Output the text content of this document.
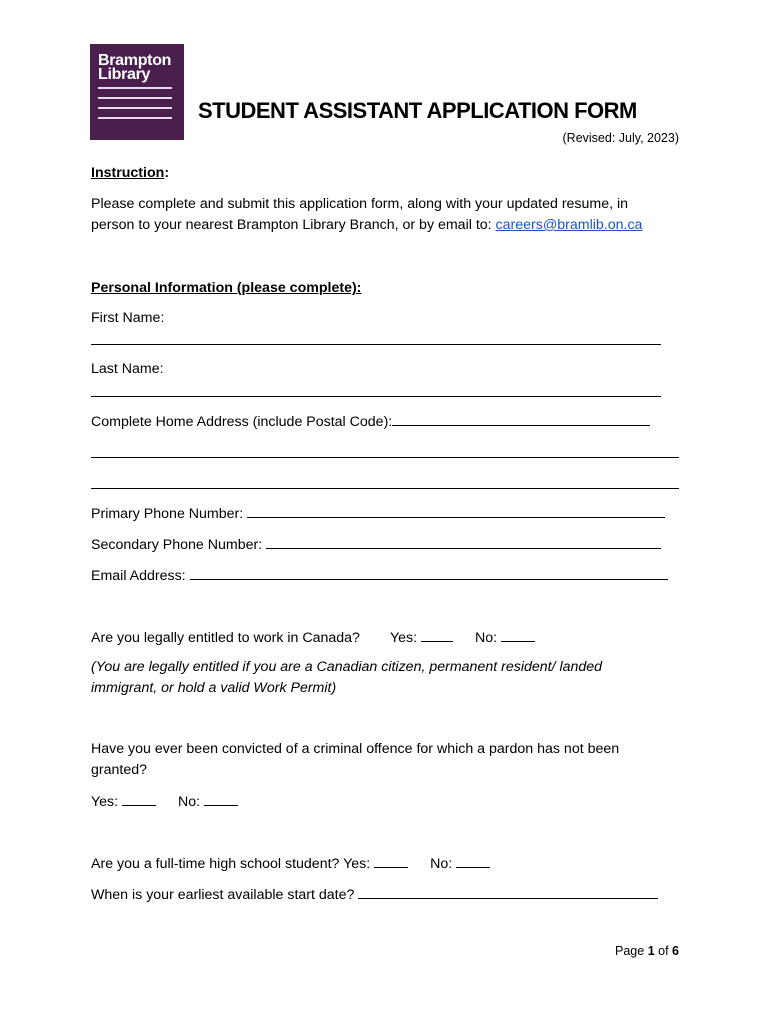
Brampton
Library
STUDENT ASSISTANT APPLICATION FORM
(Revised: July, 2023)
Instruction:
Please complete and submit this application form, along with your updated resume, in
person to your nearest Brampton Library Branch, or by email to: careers@bramlib.on.ca
Personal Information (please complete):
First Name:
Last Name:
Complete Home Address (include Postal Code):
Primary Phone Number:
Secondary Phone Number:
Email Address:
Are you legally entitled to work in Canada? Yes:	No:
(You are legally entitled if you are a Canadian citizen, permanent resident/ landed
immigrant, or hold a valid Work Permit)
Have you ever been convicted of a criminal offence for which a pardon has not been
granted?
Yes:	No:
Are you a full-time high school student? Yes:	No:
When is your earliest available start date?
Page 1 of 6
